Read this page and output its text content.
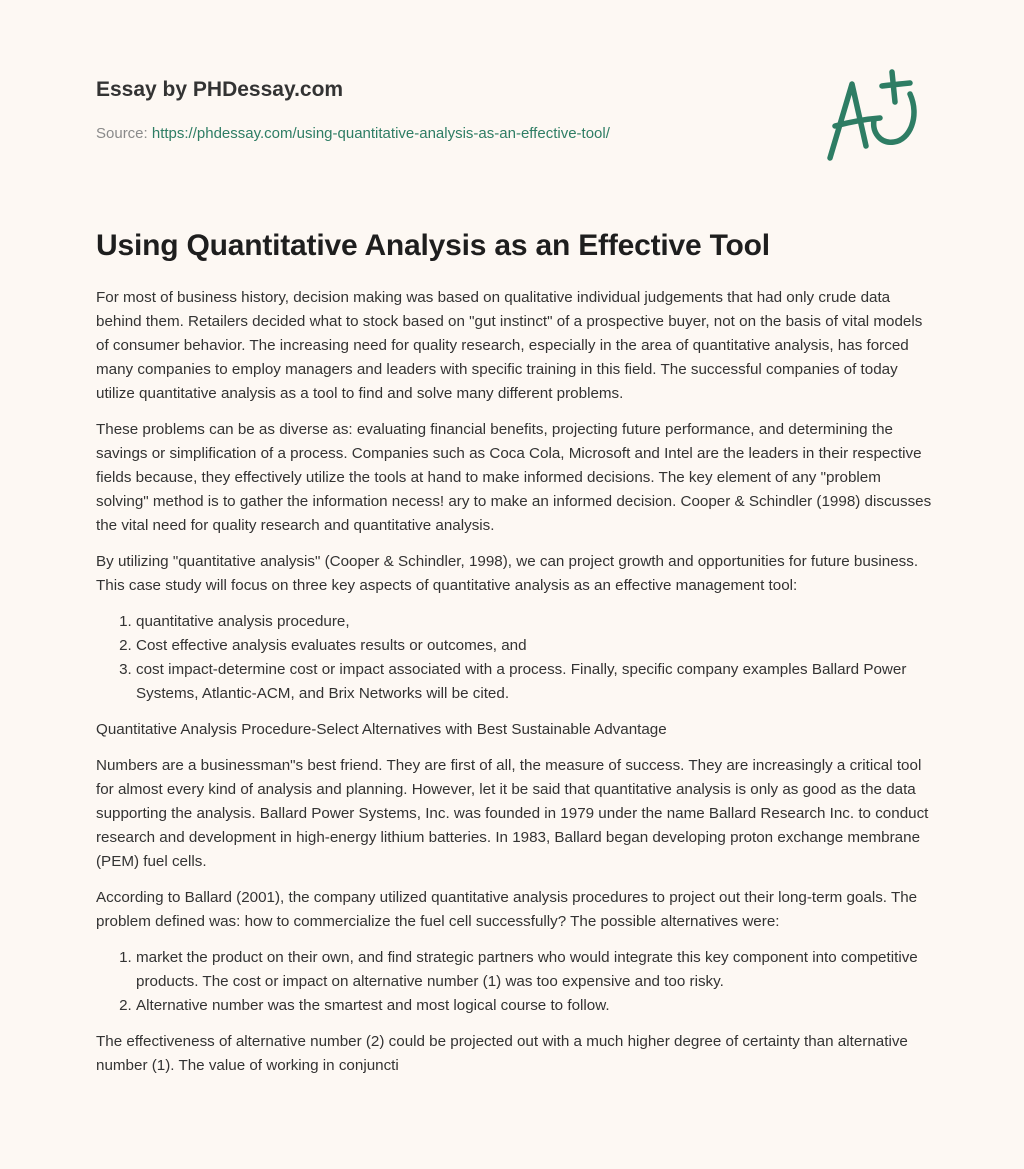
Essay by PHDessay.com
Source: https://phdessay.com/using-quantitative-analysis-as-an-effective-tool/
Using Quantitative Analysis as an Effective Tool

For most of business history, decision making was based on qualitative individual judgements that had only crude data behind them. Retailers decided what to stock based on "gut instinct" of a prospective buyer, not on the basis of vital models of consumer behavior. The increasing need for quality research, especially in the area of quantitative analysis, has forced many companies to employ managers and leaders with specific training in this field. The successful companies of today utilize quantitative analysis as a tool to find and solve many different problems.

These problems can be as diverse as: evaluating financial benefits, projecting future performance, and determining the savings or simplification of a process. Companies such as Coca Cola, Microsoft and Intel are the leaders in their respective fields because, they effectively utilize the tools at hand to make informed decisions. The key element of any "problem solving" method is to gather the information necess! ary to make an informed decision. Cooper & Schindler (1998) discusses the vital need for quality research and quantitative analysis.

By utilizing "quantitative analysis" (Cooper & Schindler, 1998), we can project growth and opportunities for future business. This case study will focus on three key aspects of quantitative analysis as an effective management tool:

1. quantitative analysis procedure,
2. Cost effective analysis evaluates results or outcomes, and
3. cost impact-determine cost or impact associated with a process. Finally, specific company examples Ballard Power Systems, Atlantic-ACM, and Brix Networks will be cited.
Quantitative Analysis Procedure-Select Alternatives with Best Sustainable Advantage

Numbers are a businessman"s best friend. They are first of all, the measure of success. They are increasingly a critical tool for almost every kind of analysis and planning. However, let it be said that quantitative analysis is only as good as the data supporting the analysis. Ballard Power Systems, Inc. was founded in 1979 under the name Ballard Research Inc. to conduct research and development in high-energy lithium batteries. In 1983, Ballard began developing proton exchange membrane (PEM) fuel cells.

According to Ballard (2001), the company utilized quantitative analysis procedures to project out their long-term goals. The problem defined was: how to commercialize the fuel cell successfully? The possible alternatives were:

1. market the product on their own, and find strategic partners who would integrate this key component into competitive products. The cost or impact on alternative number (1) was too expensive and too risky.
2. Alternative number was the smartest and most logical course to follow.

The effectiveness of alternative number (2) could be projected out with a much higher degree of certainty than alternative number (1). The value of working in conjuncti
